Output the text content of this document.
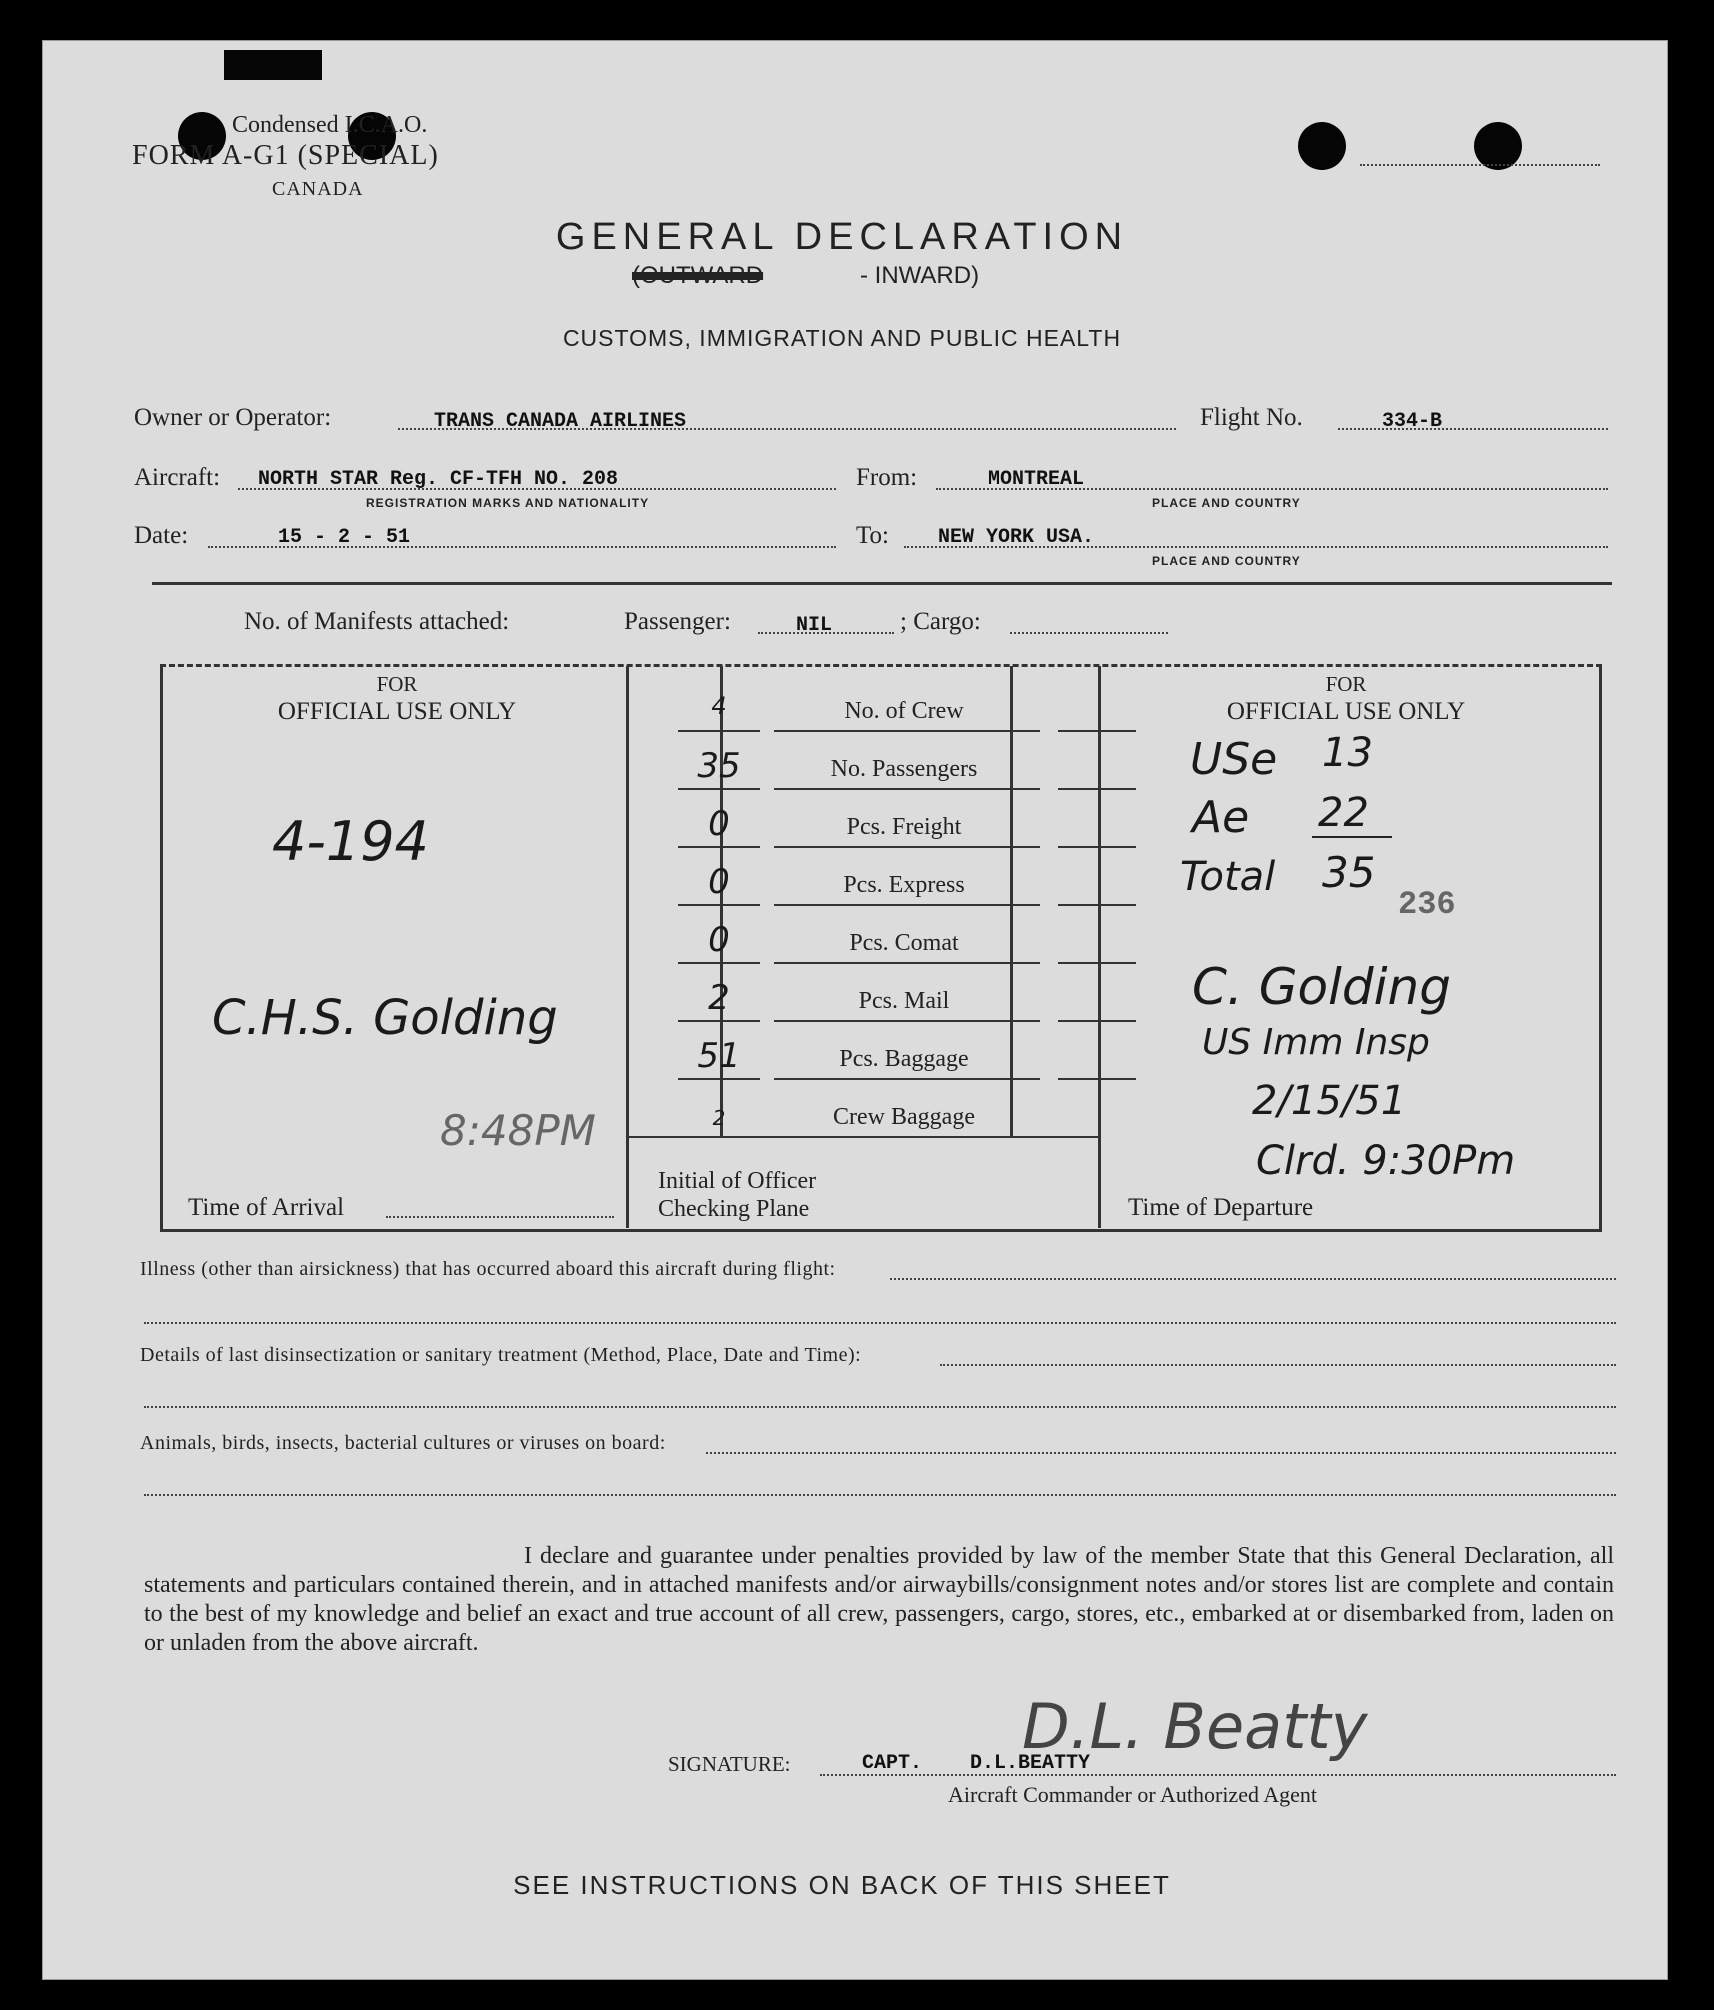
Condensed I.C.A.O.
FORM A-G1 (SPECIAL)
CANADA
GENERAL DECLARATION
(OUTWARD	- INWARD)
CUSTOMS, IMMIGRATION AND PUBLIC HEALTH
Owner or Operator:	TRANS CANADA AIRLINES	Flight No.	334-B
Aircraft: NORTH STAR Reg. CF-TFH NO. 208
REGISTRATION MARKS AND NATIONALITY
From:	MONTREAL
PLACE AND COUNTRY
Date:	15 - 2 - 51	To: NEW YORK USA.
PLACE AND COUNTRY
No. of Manifests attached:	Passenger:	NIL	; Cargo:
FOR
OFFICIAL USE ONLY
FOR
OFFICIAL USE ONLY
No. of Crew
4
No. Passengers
35
Pcs. Freight
0
Pcs. Express
0
Pcs. Comat
0
Pcs. Mail
2
Pcs. Baggage
51
Crew Baggage
2
Initial of Officer
Checking Plane
Time of Arrival	Time of Departure
4-194
C.H.S. Golding
8:48PM
USe 13
Ae 22
Total 35
236
C. Golding
US Imm Insp
2/15/51
Clrd. 9:30Pm
Illness (other than airsickness) that has occurred aboard this aircraft during flight:
Details of last disinsectization or sanitary treatment (Method, Place, Date and Time):
Animals, birds, insects, bacterial cultures or viruses on board:
I declare and guarantee under penalties provided by law of the member State that this General Declaration, all statements and particulars contained therein, and in attached manifests and/or airwaybills/consignment notes and/or stores list are complete and contain to the best of my knowledge and belief an exact and true account of all crew, passengers, cargo, stores, etc., embarked at or disembarked from, laden on or unladen from the above aircraft.
SIGNATURE:	CAPT.    D.L.BEATTY
D.L. Beatty
Aircraft Commander or Authorized Agent
SEE INSTRUCTIONS ON BACK OF THIS SHEET
